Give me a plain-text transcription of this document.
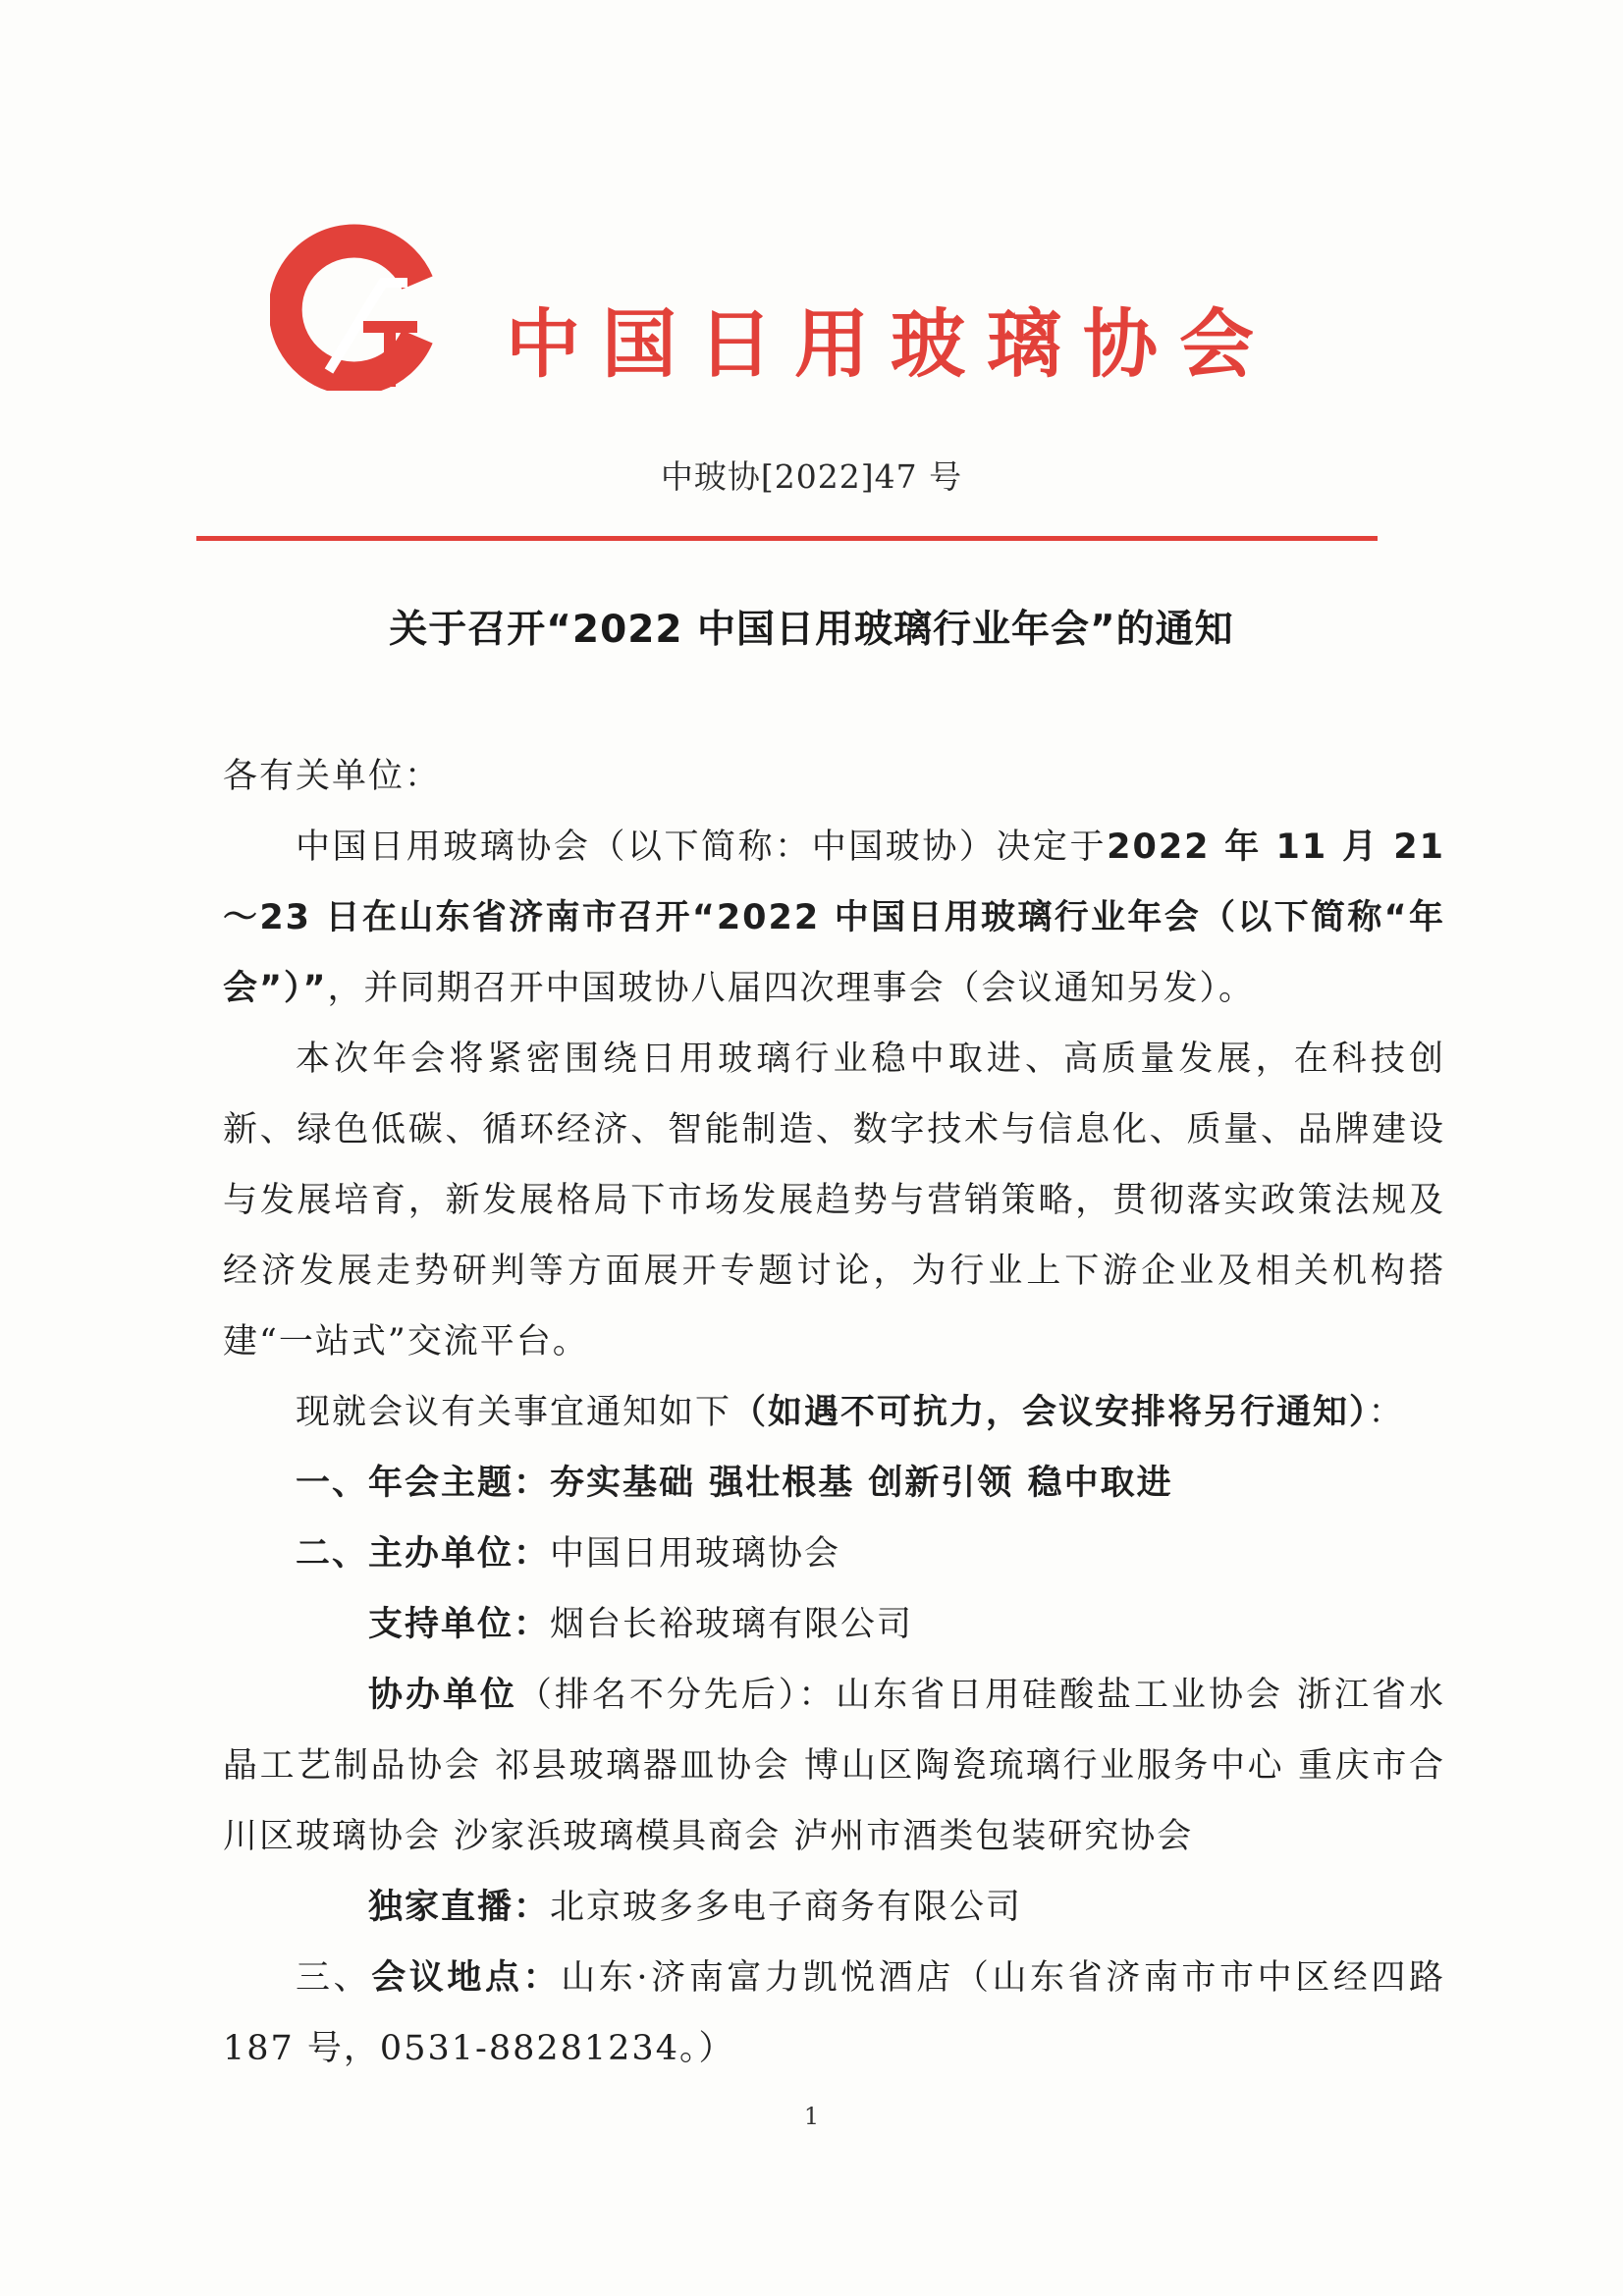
中国日用玻璃协会
中玻协[2022]47 号
关于召开“2022 中国日用玻璃行业年会”的通知

各有关单位：

中国日用玻璃协会（以下简称：中国玻协）决定于2022 年 11 月 21～23 日在山东省济南市召开“2022 中国日用玻璃行业年会（以下简称“年会”）”，并同期召开中国玻协八届四次理事会（会议通知另发）。

本次年会将紧密围绕日用玻璃行业稳中取进、高质量发展，在科技创新、绿色低碳、循环经济、智能制造、数字技术与信息化、质量、品牌建设与发展培育，新发展格局下市场发展趋势与营销策略，贯彻落实政策法规及经济发展走势研判等方面展开专题讨论，为行业上下游企业及相关机构搭建“一站式”交流平台。

现就会议有关事宜通知如下（如遇不可抗力，会议安排将另行通知）：

一、年会主题：夯实基础 强壮根基 创新引领 稳中取进

二、主办单位：中国日用玻璃协会

支持单位：烟台长裕玻璃有限公司

协办单位（排名不分先后）：山东省日用硅酸盐工业协会 浙江省水晶工艺制品协会 祁县玻璃器皿协会 博山区陶瓷琉璃行业服务中心 重庆市合川区玻璃协会 沙家浜玻璃模具商会 泸州市酒类包装研究协会

独家直播：北京玻多多电子商务有限公司

三、会议地点：山东·济南富力凯悦酒店（山东省济南市市中区经四路 187 号，0531-88281234。）

1
